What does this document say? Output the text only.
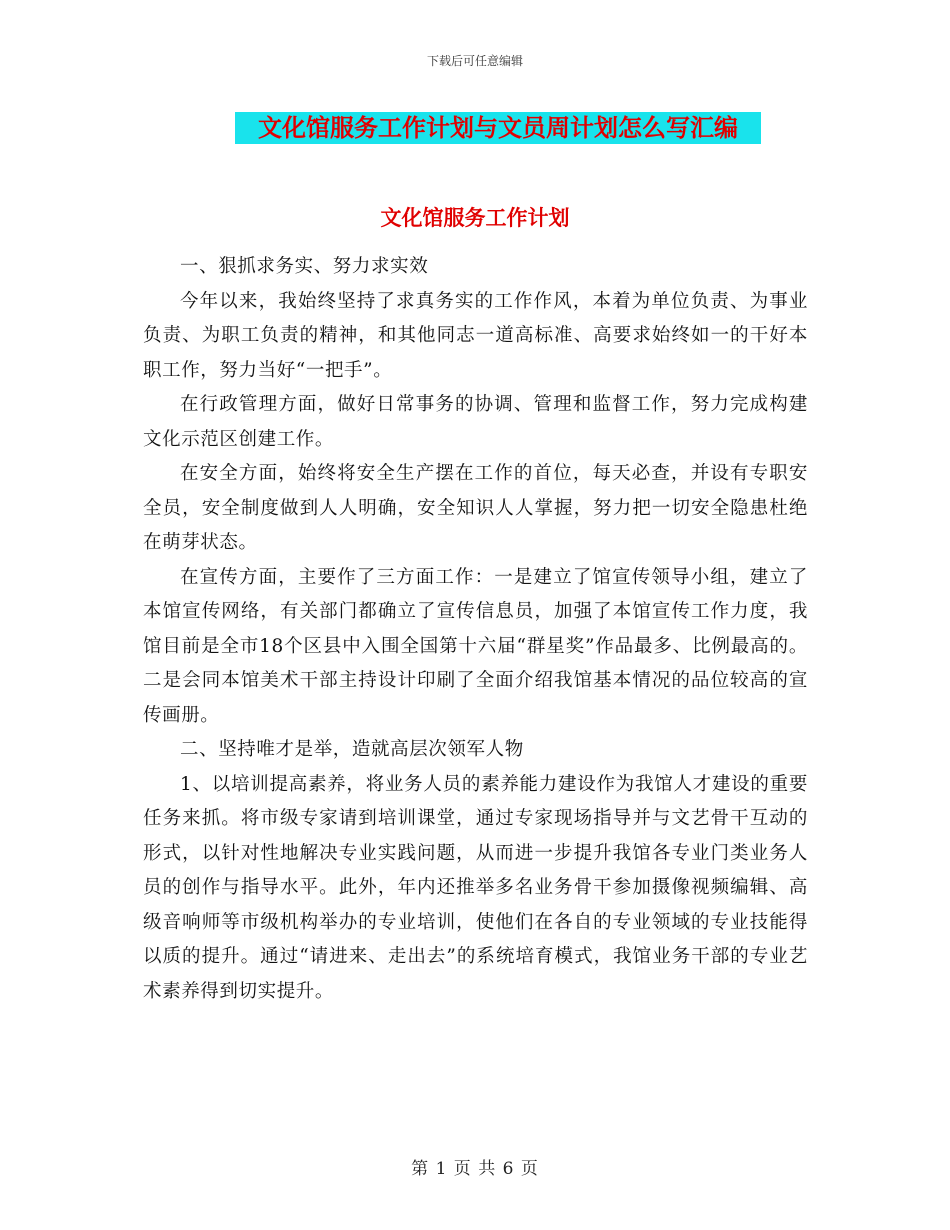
下载后可任意编辑
文化馆服务工作计划与文员周计划怎么写汇编
文化馆服务工作计划

一、狠抓求务实、努力求实效

今年以来，我始终坚持了求真务实的工作作风，本着为单位负责、为事业负责、为职工负责的精神，和其他同志一道高标准、高要求始终如一的干好本职工作，努力当好“一把手”。

在行政管理方面，做好日常事务的协调、管理和监督工作，努力完成构建文化示范区创建工作。

在安全方面，始终将安全生产摆在工作的首位，每天必查，并设有专职安全员，安全制度做到人人明确，安全知识人人掌握，努力把一切安全隐患杜绝在萌芽状态。

在宣传方面，主要作了三方面工作：一是建立了馆宣传领导小组，建立了本馆宣传网络，有关部门都确立了宣传信息员，加强了本馆宣传工作力度，我馆目前是全市18个区县中入围全国第十六届“群星奖”作品最多、比例最高的。二是会同本馆美术干部主持设计印刷了全面介绍我馆基本情况的品位较高的宣传画册。

二、坚持唯才是举，造就高层次领军人物

1、以培训提高素养，将业务人员的素养能力建设作为我馆人才建设的重要任务来抓。将市级专家请到培训课堂，通过专家现场指导并与文艺骨干互动的形式，以针对性地解决专业实践问题，从而进一步提升我馆各专业门类业务人员的创作与指导水平。此外，年内还推举多名业务骨干参加摄像视频编辑、高级音响师等市级机构举办的专业培训，使他们在各自的专业领域的专业技能得以质的提升。通过“请进来、走出去”的系统培育模式，我馆业务干部的专业艺术素养得到切实提升。

第 1 页 共 6 页
